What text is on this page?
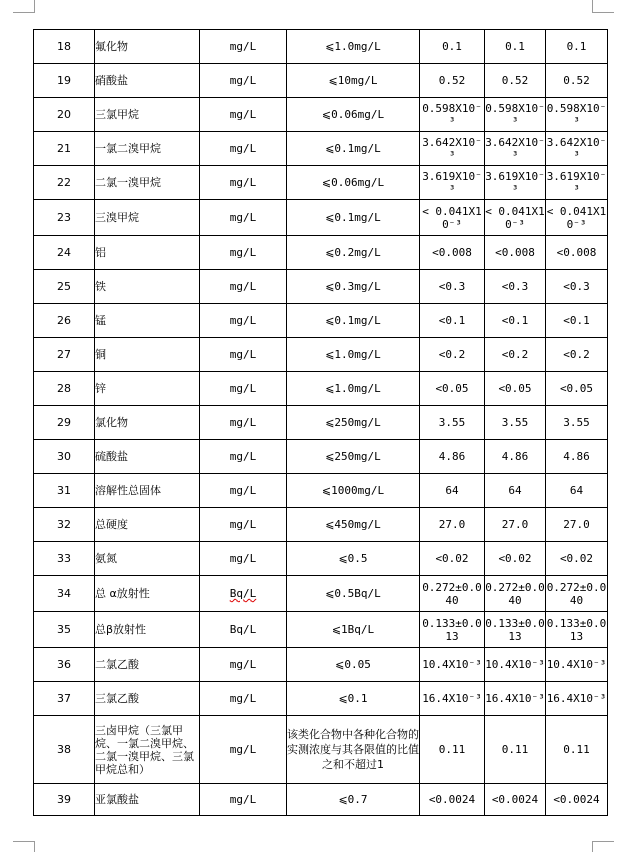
18	氟化物	mg/L	⩽1.0mg/L	0.1	0.1	0.1
19	硝酸盐	mg/L	⩽10mg/L	0.52	0.52	0.52
20	三氯甲烷	mg/L	⩽0.06mg/L	0.598X10⁻³	0.598X10⁻³	0.598X10⁻³
21	一氯二溴甲烷	mg/L	⩽0.1mg/L	3.642X10⁻³	3.642X10⁻³	3.642X10⁻³
22	二氯一溴甲烷	mg/L	⩽0.06mg/L	3.619X10⁻³	3.619X10⁻³	3.619X10⁻³
23	三溴甲烷	mg/L	⩽0.1mg/L	< 0.041X10⁻³	< 0.041X10⁻³	< 0.041X10⁻³
24	铝	mg/L	⩽0.2mg/L	<0.008	<0.008	<0.008
25	铁	mg/L	⩽0.3mg/L	<0.3	<0.3	<0.3
26	锰	mg/L	⩽0.1mg/L	<0.1	<0.1	<0.1
27	铜	mg/L	⩽1.0mg/L	<0.2	<0.2	<0.2
28	锌	mg/L	⩽1.0mg/L	<0.05	<0.05	<0.05
29	氯化物	mg/L	⩽250mg/L	3.55	3.55	3.55
30	硫酸盐	mg/L	⩽250mg/L	4.86	4.86	4.86
31	溶解性总固体	mg/L	⩽1000mg/L	64	64	64
32	总硬度	mg/L	⩽450mg/L	27.0	27.0	27.0
33	氨氮	mg/L	⩽0.5	<0.02	<0.02	<0.02
34	总 α放射性	Bq/L	⩽0.5Bq/L	0.272±0.040	0.272±0.040	0.272±0.040
35	总β放射性	Bq/L	⩽1Bq/L	0.133±0.013	0.133±0.013	0.133±0.013
36	二氯乙酸	mg/L	⩽0.05	10.4X10⁻³	10.4X10⁻³	10.4X10⁻³
37	三氯乙酸	mg/L	⩽0.1	16.4X10⁻³	16.4X10⁻³	16.4X10⁻³
38	三卤甲烷（三氯甲烷、一氯二溴甲烷、二氯一溴甲烷、三氯甲烷总和）	mg/L	该类化合物中各种化合物的实测浓度与其各限值的比值之和不超过1	0.11	0.11	0.11
39	亚氯酸盐	mg/L	⩽0.7	<0.0024	<0.0024	<0.0024
